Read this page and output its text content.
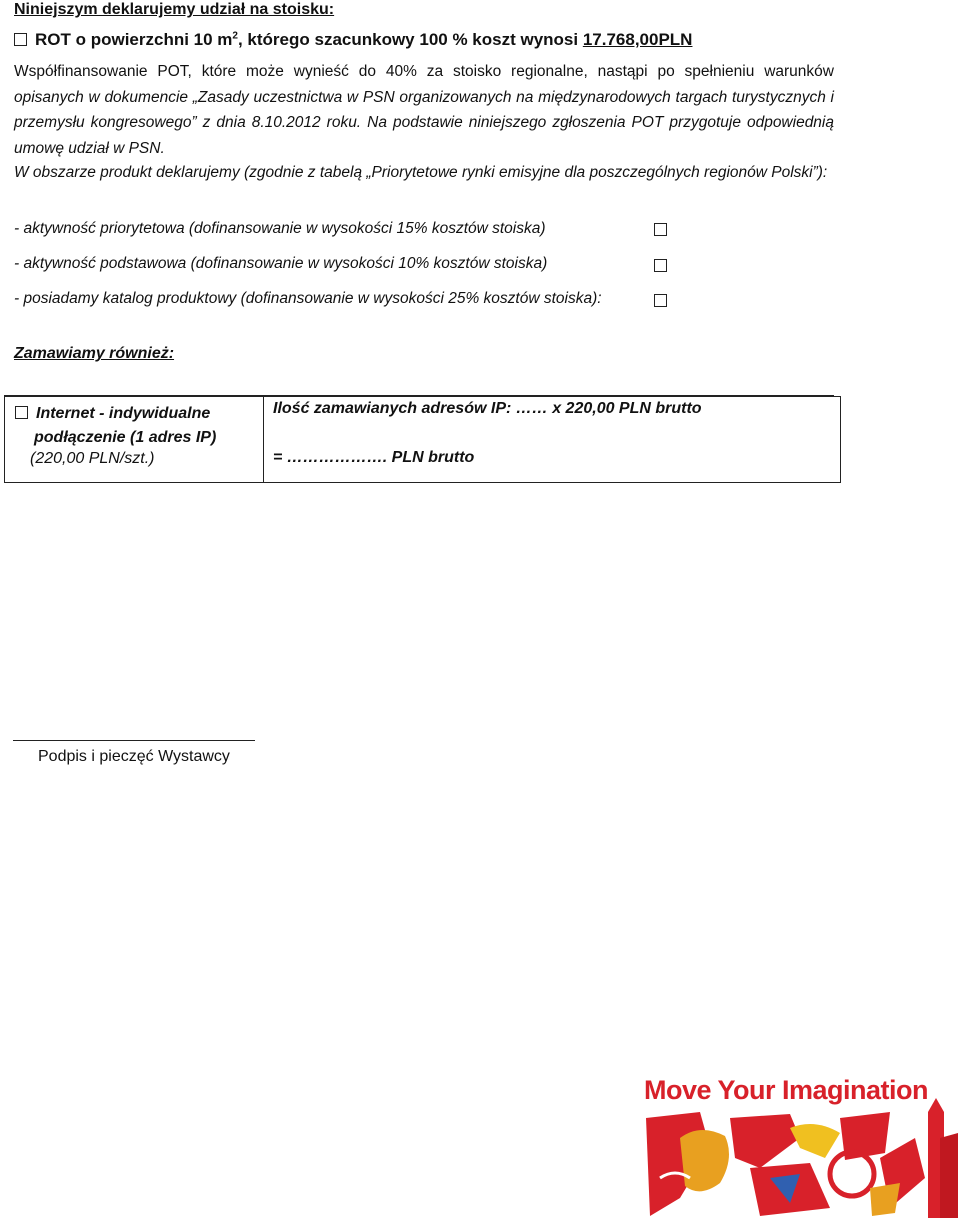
Niniejszym deklarujemy udział na stoisku:
ROT o powierzchni 10 $m^2$, którego szacunkowy 100 % koszt wynosi 17.768,00PLN

Współfinansowanie POT, które może wynieść do 40% za stoisko regionalne, nastąpi po spełnieniu warunków opisanych w dokumencie „Zasady uczestnictwa w PSN organizowanych na międzynarodowych targach turystycznych i przemysłu kongresowego” z dnia 8.10.2012 roku. Na podstawie niniejszego zgłoszenia POT przygotuje odpowiednią umowę udział w PSN.

W obszarze produkt deklarujemy (zgodnie z tabelą „Priorytetowe rynki emisyjne dla poszczególnych regionów Polski”):

- aktywność priorytetowa (dofinansowanie w wysokości 15% kosztów stoiska)
- aktywność podstawowa (dofinansowanie w wysokości 10% kosztów stoiska)
- posiadamy katalog produktowy (dofinansowanie w wysokości 25% kosztów stoiska):
Zamawiamy również:
Internet - indywidualne
podłączenie (1 adres IP)
(220,00 PLN/szt.)
Ilość zamawianych adresów IP: …… x 220,00 PLN brutto
= ………………. PLN brutto
Podpis i pieczęć Wystawcy
Move Your Imagination
